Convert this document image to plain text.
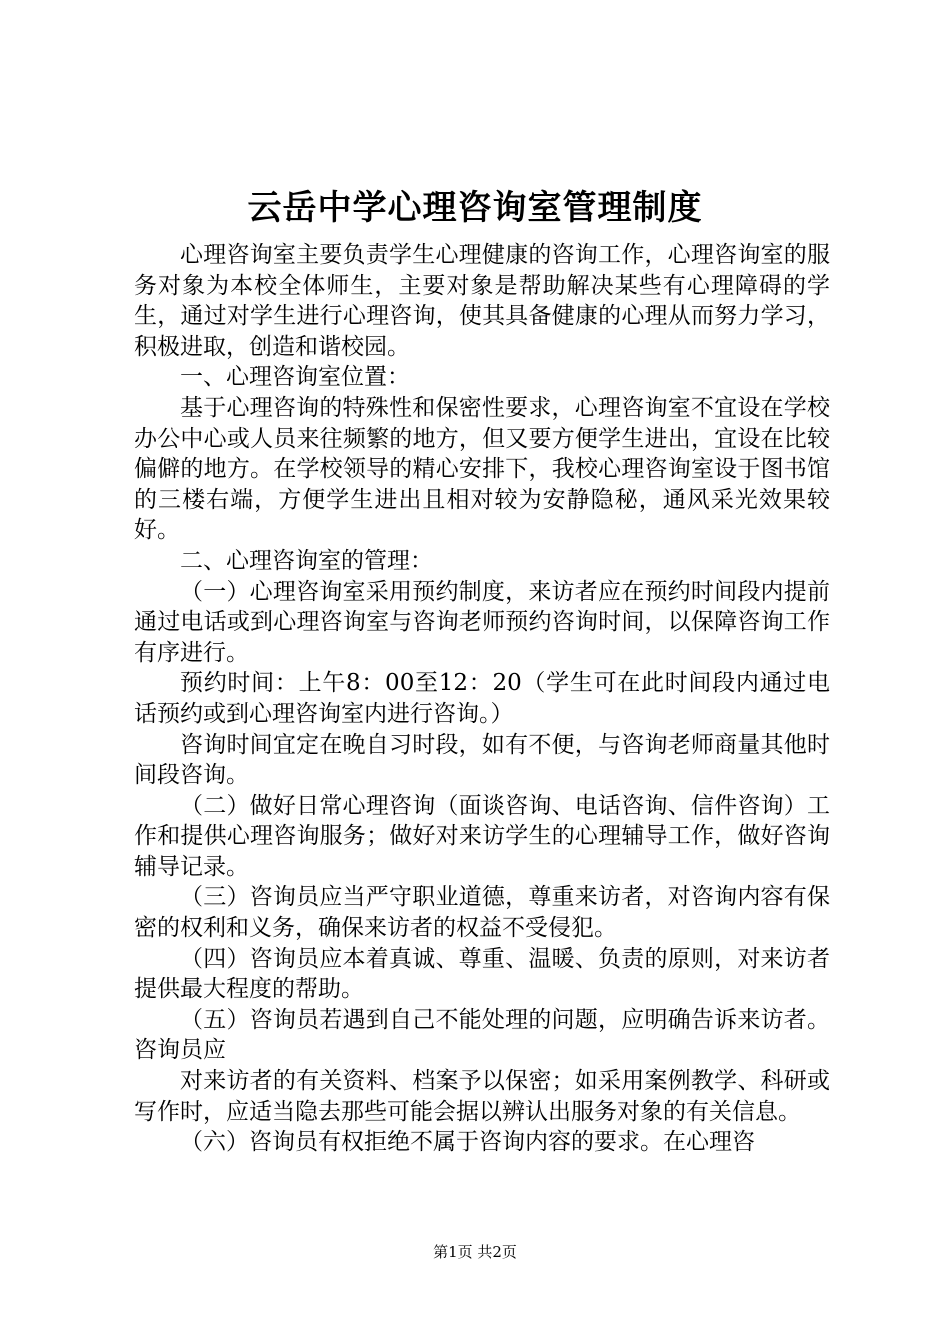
云岳中学心理咨询室管理制度

心理咨询室主要负责学生心理健康的咨询工作，心理咨询室的服务对象为本校全体师生，主要对象是帮助解决某些有心理障碍的学生，通过对学生进行心理咨询，使其具备健康的心理从而努力学习，积极进取，创造和谐校园。

一、心理咨询室位置：

基于心理咨询的特殊性和保密性要求，心理咨询室不宜设在学校办公中心或人员来往频繁的地方，但又要方便学生进出，宜设在比较偏僻的地方。在学校领导的精心安排下，我校心理咨询室设于图书馆的三楼右端，方便学生进出且相对较为安静隐秘，通风采光效果较好。

二、心理咨询室的管理：

（一）心理咨询室采用预约制度，来访者应在预约时间段内提前通过电话或到心理咨询室与咨询老师预约咨询时间，以保障咨询工作有序进行。

预约时间：上午8：00至12：20（学生可在此时间段内通过电话预约或到心理咨询室内进行咨询。）

咨询时间宜定在晚自习时段，如有不便，与咨询老师商量其他时间段咨询。

（二）做好日常心理咨询（面谈咨询、电话咨询、信件咨询）工作和提供心理咨询服务；做好对来访学生的心理辅导工作，做好咨询辅导记录。

（三）咨询员应当严守职业道德，尊重来访者，对咨询内容有保密的权利和义务，确保来访者的权益不受侵犯。

（四）咨询员应本着真诚、尊重、温暖、负责的原则，对来访者提供最大程度的帮助。

（五）咨询员若遇到自己不能处理的问题，应明确告诉来访者。咨询员应

对来访者的有关资料、档案予以保密；如采用案例教学、科研或写作时，应适当隐去那些可能会据以辨认出服务对象的有关信息。

（六）咨询员有权拒绝不属于咨询内容的要求。在心理咨

第1页 共2页
